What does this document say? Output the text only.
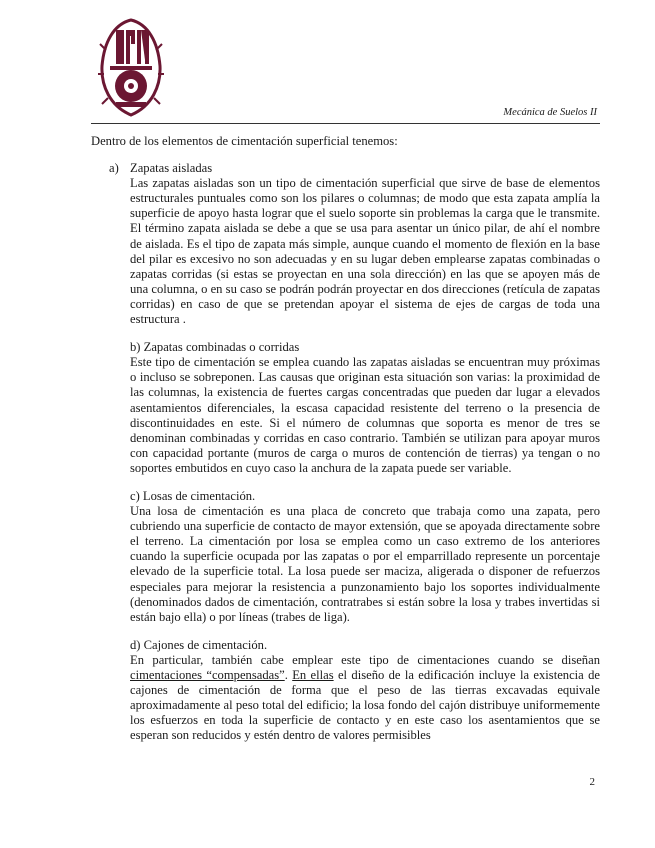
Mecánica de Suelos II

Dentro de los elementos de cimentación superficial tenemos:

a) Zapatas aisladas

Las zapatas aisladas son un tipo de cimentación superficial que sirve de base de elementos estructurales puntuales como son los pilares o columnas; de modo que esta zapata amplía la superficie de apoyo hasta lograr que el suelo soporte sin problemas la carga que le transmite. El término zapata aislada se debe a que se usa para asentar un único pilar, de ahí el nombre de aislada. Es el tipo de zapata más simple, aunque cuando el momento de flexión en la base del pilar es excesivo no son adecuadas y en su lugar deben emplearse zapatas combinadas o zapatas corridas (si estas se proyectan en una sola dirección) en las que se apoyen más de una columna, o en su caso se podrán podrán proyectar en dos direcciones (retícula de zapatas corridas) en caso de que se pretendan apoyar el sistema de ejes de cargas de toda una estructura .

b) Zapatas combinadas o corridas

Este tipo de cimentación se emplea cuando las zapatas aisladas se encuentran muy próximas o incluso se sobreponen. Las causas que originan esta situación son varias: la proximidad de las columnas, la existencia de fuertes cargas concentradas que pueden dar lugar a elevados asentamientos diferenciales, la escasa capacidad resistente del terreno o la presencia de discontinuidades en este. Si el número de columnas que soporta es menor de tres se denominan combinadas y corridas en caso contrario. También se utilizan para apoyar muros con capacidad portante (muros de carga o muros de contención de tierras) ya tengan o no soportes embutidos en cuyo caso la anchura de la zapata puede ser variable.

c) Losas de cimentación.

Una losa de cimentación es una placa de concreto que trabaja como una zapata, pero cubriendo una superficie de contacto de mayor extensión, que se apoyada directamente sobre el terreno. La cimentación por losa se emplea como un caso extremo de los anteriores cuando la superficie ocupada por las zapatas o por el emparrillado represente un porcentaje elevado de la superficie total. La losa puede ser maciza, aligerada o disponer de refuerzos especiales para mejorar la resistencia a punzonamiento bajo los soportes individualmente (denominados dados de cimentación, contratrabes si están sobre la losa y trabes invertidas si están bajo ella) o por líneas (trabes de liga).

d) Cajones de cimentación.

En particular, también cabe emplear este tipo de cimentaciones cuando se diseñan cimentaciones “compensadas”. En ellas el diseño de la edificación incluye la existencia de cajones de cimentación de forma que el peso de las tierras excavadas equivale aproximadamente al peso total del edificio; la losa fondo del cajón distribuye uniformemente los esfuerzos en toda la superficie de contacto y en este caso los asentamientos que se esperan son reducidos y estén dentro de valores permisibles

2
